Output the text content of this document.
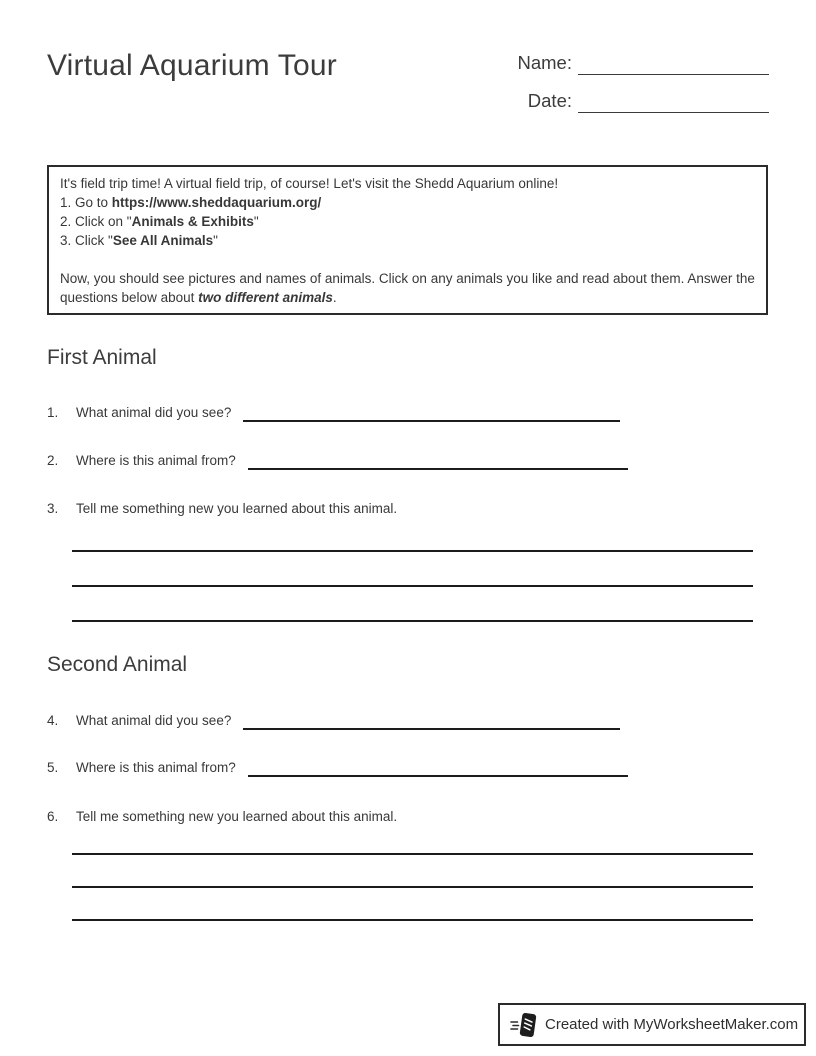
Virtual Aquarium Tour	Name:
Date:
It's field trip time! A virtual field trip, of course! Let's visit the Shedd Aquarium online!
1. Go to https://www.sheddaquarium.org/
2. Click on "Animals & Exhibits"
3. Click "See All Animals"
Now, you should see pictures and names of animals. Click on any animals you like and read about them. Answer the questions below about two different animals.
First Animal
1.	What animal did you see?
2.	Where is this animal from?
3.	Tell me something new you learned about this animal.
Second Animal
4.	What animal did you see?
5.	Where is this animal from?
6.	Tell me something new you learned about this animal.
Created with MyWorksheetMaker.com
